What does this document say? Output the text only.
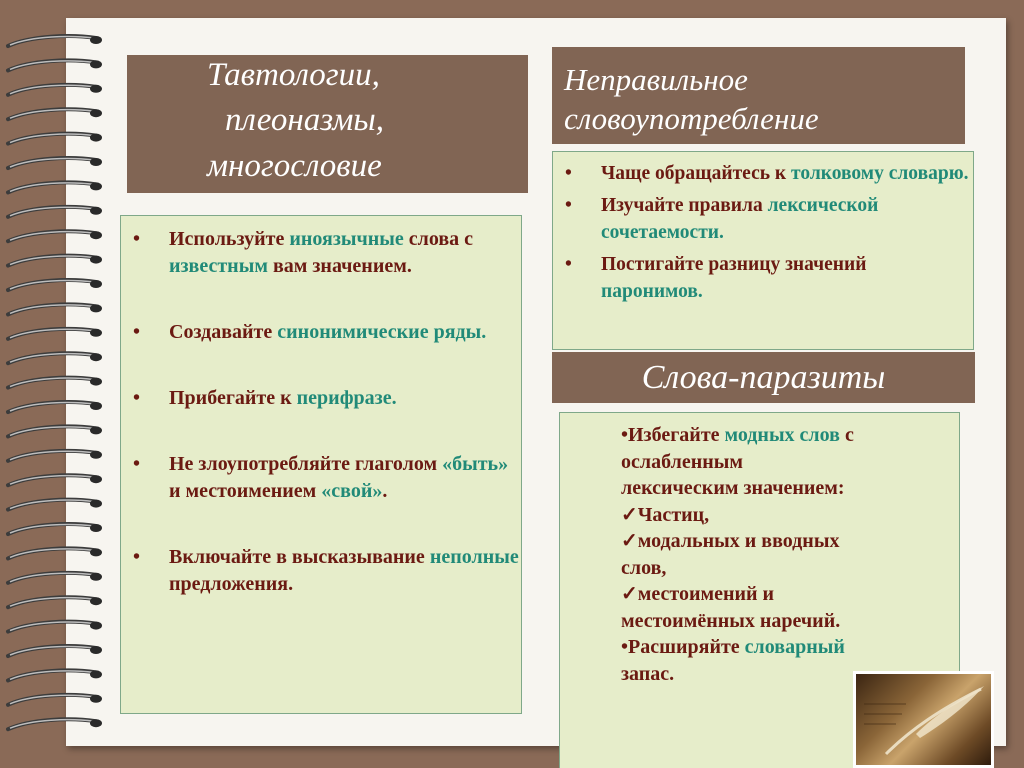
Тавтологии,
плеоназмы,
многословие
Неправильное
словоупотребление
Слова-паразиты
• Используйте иноязычные слова с известным вам значением.
• Создавайте синонимические ряды.
• Прибегайте к перифразе.
• Не злоупотребляйте глаголом «быть» и местоимением «свой».
• Включайте в высказывание неполные предложения.
• Чаще обращайтесь к толковому словарю.
• Изучайте правила лексической сочетаемости.
• Постигайте разницу значений паронимов.
•Избегайте модных слов с
ослабленным
лексическим значением:
✓Частиц,
✓модальных и вводных
слов,
✓местоимений и
местоимённых наречий.
•Расширяйте словарный
запас.
